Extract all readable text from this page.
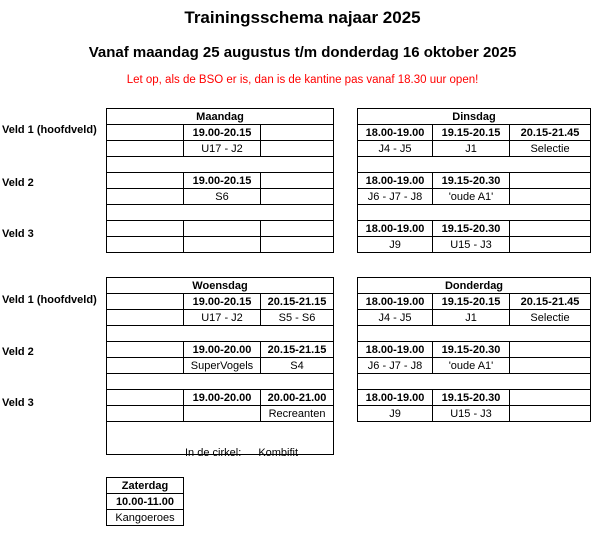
Trainingsschema najaar 2025
Vanaf maandag 25 augustus t/m donderdag 16 oktober 2025
Let op, als de BSO er is, dan is de kantine pas vanaf 18.30 uur open!
Veld 1 (hoofdveld)
Veld 2
Veld 3
Veld 1 (hoofdveld)
Veld 2
Veld 3
Maandag		
	19.00-20.15	
	U17 - J2	

	19.00-20.15	
	S6	

Dinsdag		
18.00-19.00	19.15-20.15	20.15-21.45
J4 - J5	J1	Selectie

18.00-19.00	19.15-20.30	
J6 - J7 - J8	'oude A1'	

18.00-19.00	19.15-20.30	
J9	U15 - J3	
Woensdag		
	19.00-20.15	20.15-21.15
	U17 - J2	S5 - S6

	19.00-20.00	20.15-21.15
	SuperVogels	S4

	19.00-20.00	20.00-21.00
		Recreanten

In de cirkel: Kombifit
Donderdag		
18.00-19.00	19.15-20.15	20.15-21.45
J4 - J5	J1	Selectie

18.00-19.00	19.15-20.30	
J6 - J7 - J8	'oude A1'	

18.00-19.00	19.15-20.30	
J9	U15 - J3	
Zaterdag
10.00-11.00
Kangoeroes
